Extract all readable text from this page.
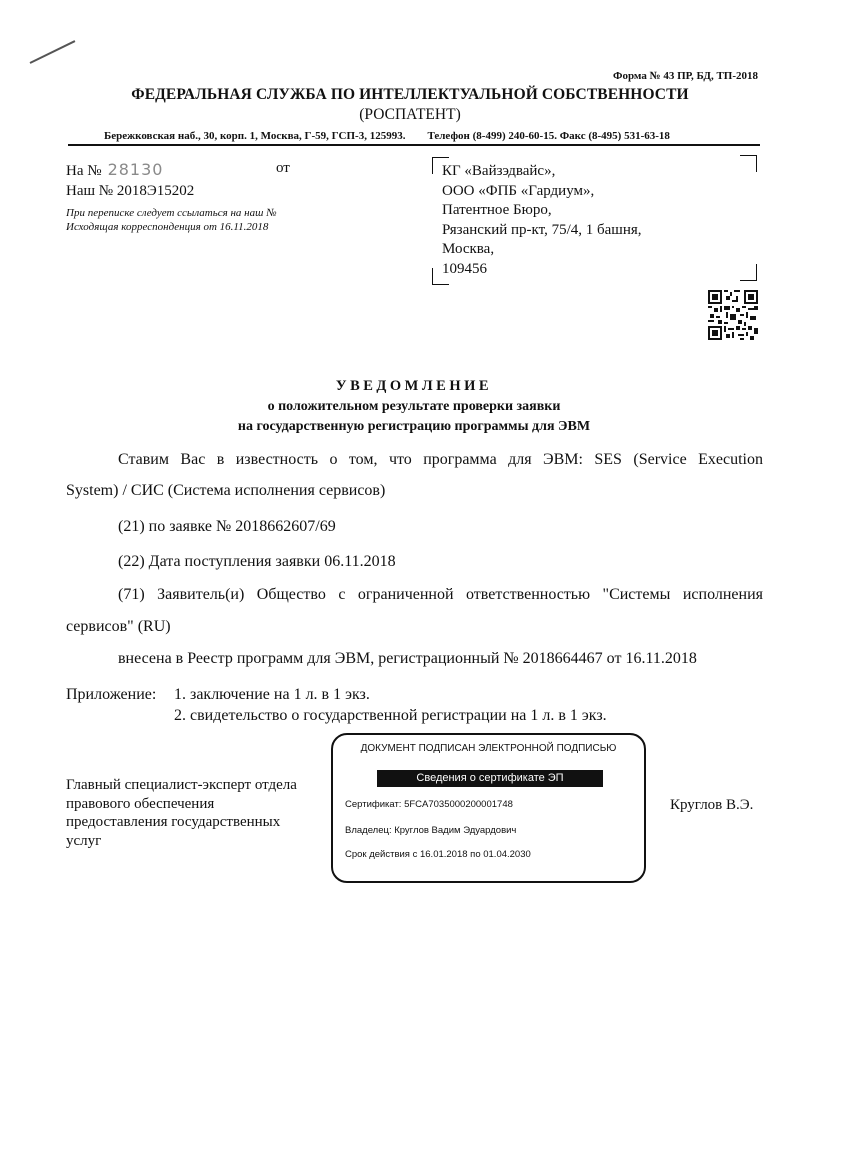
Форма № 43 ПР, БД, ТП-2018
ФЕДЕРАЛЬНАЯ СЛУЖБА ПО ИНТЕЛЛЕКТУАЛЬНОЙ СОБСТВЕННОСТИ
(РОСПАТЕНТ)
Бережковская наб., 30, корп. 1, Москва, Г-59, ГСП-3, 125993. Телефон (8-499) 240-60-15. Факс (8-495) 531-63-18
На № 28130	от
Наш № 2018Э15202
При переписке следует ссылаться на наш №
Исходящая корреспонденция от 16.11.2018
КГ «Вайзэдвайс»,
ООО «ФПБ «Гардиум»,
Патентное Бюро,
Рязанский пр-кт, 75/4, 1 башня,
Москва,
109456
УВЕДОМЛЕНИЕ
о положительном результате проверки заявки
на государственную регистрацию программы для ЭВМ
Ставим Вас в известность о том, что программа для ЭВМ: SES (Service Execution
System) / СИС (Система исполнения сервисов)
(21) по заявке № 2018662607/69
(22) Дата поступления заявки 06.11.2018
(71) Заявитель(и) Общество с ограниченной ответственностью "Системы исполнения
сервисов" (RU)
внесена в Реестр программ для ЭВМ, регистрационный № 2018664467 от 16.11.2018
Приложение: 1. заключение на 1 л. в 1 экз.
2. свидетельство о государственной регистрации на 1 л. в 1 экз.
Главный специалист-эксперт отдела
правового обеспечения
предоставления государственных
услуг
Круглов В.Э.
ДОКУМЕНТ ПОДПИСАН ЭЛЕКТРОННОЙ ПОДПИСЬЮ
Сведения о сертификате ЭП
Сертификат: 5FCA7035000200001748
Владелец: Круглов Вадим Эдуардович
Срок действия с 16.01.2018 по 01.04.2030
